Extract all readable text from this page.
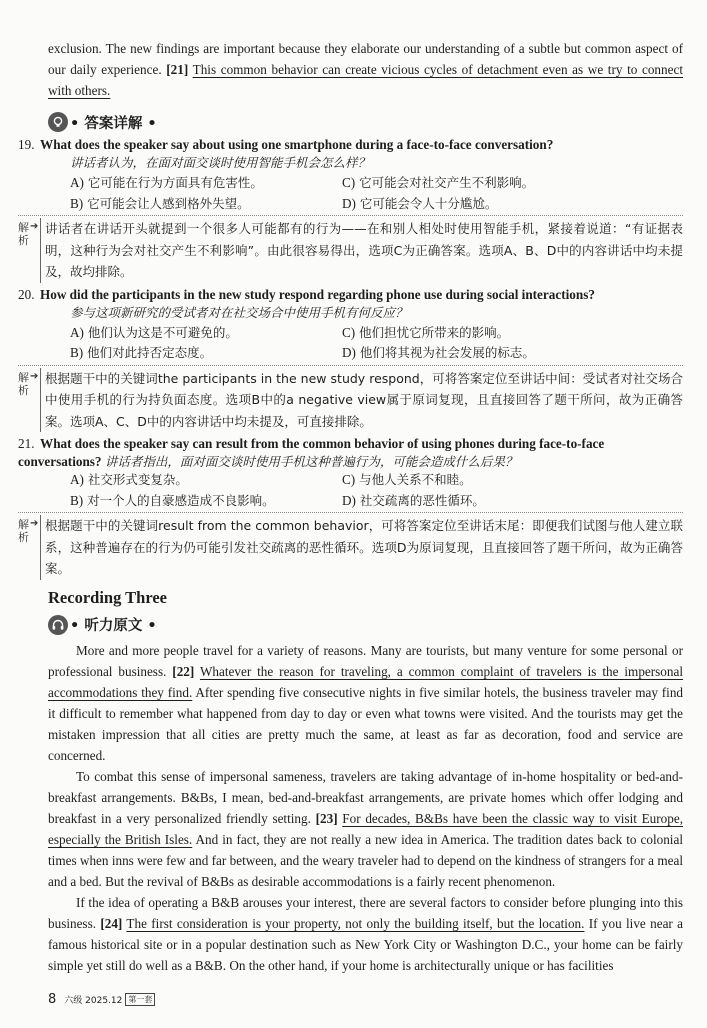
exclusion. The new findings are important because they elaborate our understanding of a subtle but common aspect of our daily experience. [21] This common behavior can create vicious cycles of detachment even as we try to connect with others.

• 答案详解 •
19. What does the speaker say about using one smartphone during a face-to-face conversation?
讲话者认为，在面对面交谈时使用智能手机会怎么样？
A) 它可能在行为方面具有危害性。	C) 它可能会对社交产生不利影响。
B) 它可能会让人感到格外失望。	D) 它可能会令人十分尴尬。
解
析
➔ 讲话者在讲话开头就提到一个很多人可能都有的行为——在和别人相处时使用智能手机，紧接着说道：“有证据表明，这种行为会对社交产生不利影响”。由此很容易得出，选项C为正确答案。选项A、B、D中的内容讲话中均未提及，故均排除。
20. How did the participants in the new study respond regarding phone use during social interactions?
参与这项新研究的受试者对在社交场合中使用手机有何反应？
A) 他们认为这是不可避免的。	C) 他们担忧它所带来的影响。
B) 他们对此持否定态度。	D) 他们将其视为社会发展的标志。
解
析
➔ 根据题干中的关键词the participants in the new study respond，可将答案定位至讲话中间：受试者对社交场合中使用手机的行为持负面态度。选项B中的a negative view属于原词复现，且直接回答了题干所问，故为正确答案。选项A、C、D中的内容讲话中均未提及，可直接排除。
21. What does the speaker say can result from the common behavior of using phones during face-to-face conversations? 讲话者指出，面对面交谈时使用手机这种普遍行为，可能会造成什么后果？
A) 社交形式变复杂。	C) 与他人关系不和睦。
B) 对一个人的自豪感造成不良影响。	D) 社交疏离的恶性循环。
解
析
➔ 根据题干中的关键词result from the common behavior，可将答案定位至讲话末尾：即便我们试图与他人建立联系，这种普遍存在的行为仍可能引发社交疏离的恶性循环。选项D为原词复现，且直接回答了题干所问，故为正确答案。
Recording Three
• 听力原文 •

More and more people travel for a variety of reasons. Many are tourists, but many venture for some personal or professional business. [22] Whatever the reason for traveling, a common complaint of travelers is the impersonal accommodations they find. After spending five consecutive nights in five similar hotels, the business traveler may find it difficult to remember what happened from day to day or even what towns were visited. And the tourists may get the mistaken impression that all cities are pretty much the same, at least as far as decoration, food and service are concerned.

To combat this sense of impersonal sameness, travelers are taking advantage of in-home hospitality or bed-and-breakfast arrangements. B&Bs, I mean, bed-and-breakfast arrangements, are private homes which offer lodging and breakfast in a very personalized friendly setting. [23] For decades, B&Bs have been the classic way to visit Europe, especially the British Isles. And in fact, they are not really a new idea in America. The tradition dates back to colonial times when inns were few and far between, and the weary traveler had to depend on the kindness of strangers for a meal and a bed. But the revival of B&Bs as desirable accommodations is a fairly recent phenomenon.

If the idea of operating a B&B arouses your interest, there are several factors to consider before plunging into this business. [24] The first consideration is your property, not only the building itself, but the location. If you live near a famous historical site or in a popular destination such as New York City or Washington D.C., your home can be fairly simple yet still do well as a B&B. On the other hand, if your home is architecturally unique or has facilities

8 六级 2025.12 第一套
